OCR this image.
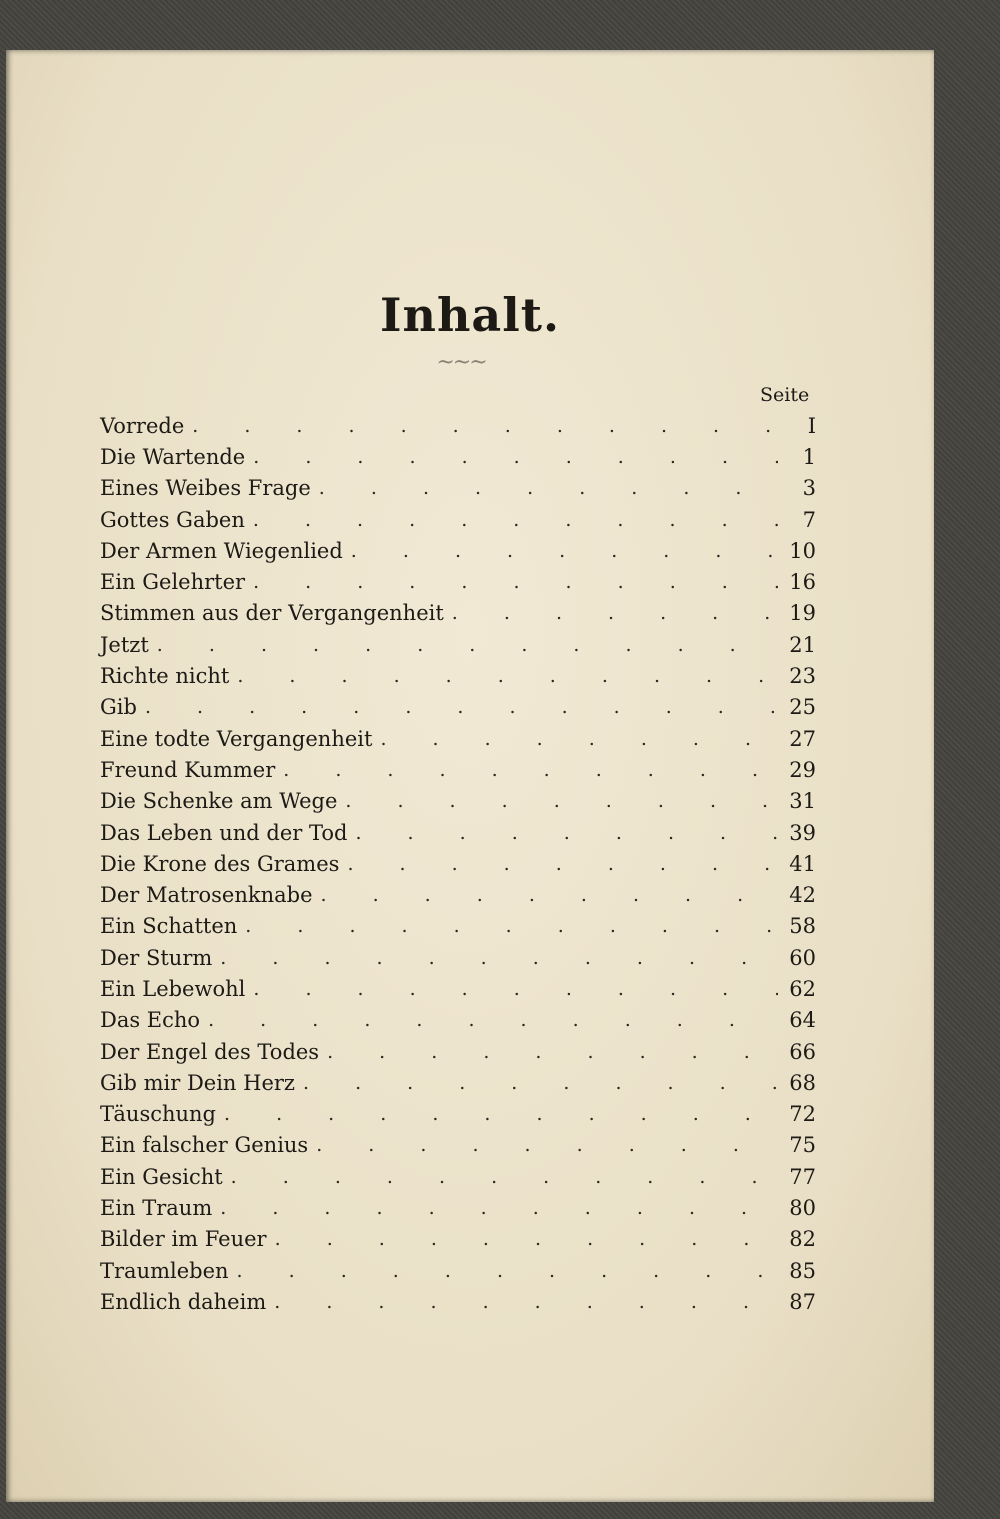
Inhalt.
~~~
Seite
Vorrede . . .	I
Die Wartende . . .	1
Eines Weibes Frage . . .	3
Gottes Gaben . . .	7
Der Armen Wiegenlied . . .	10
Ein Gelehrter . . .	16
Stimmen aus der Vergangenheit . . .	19
Jetzt . . .	21
Richte nicht . . .	23
Gib . . .	25
Eine todte Vergangenheit . . .	27
Freund Kummer . . .	29
Die Schenke am Wege . . .	31
Das Leben und der Tod . . .	39
Die Krone des Grames . . .	41
Der Matrosenknabe . . .	42
Ein Schatten . . .	58
Der Sturm . . .	60
Ein Lebewohl . . .	62
Das Echo . . .	64
Der Engel des Todes . . .	66
Gib mir Dein Herz . . .	68
Täuschung . . .	72
Ein falscher Genius . . .	75
Ein Gesicht . . .	77
Ein Traum . . .	80
Bilder im Feuer . . .	82
Traumleben . . .	85
Endlich daheim . . .	87
